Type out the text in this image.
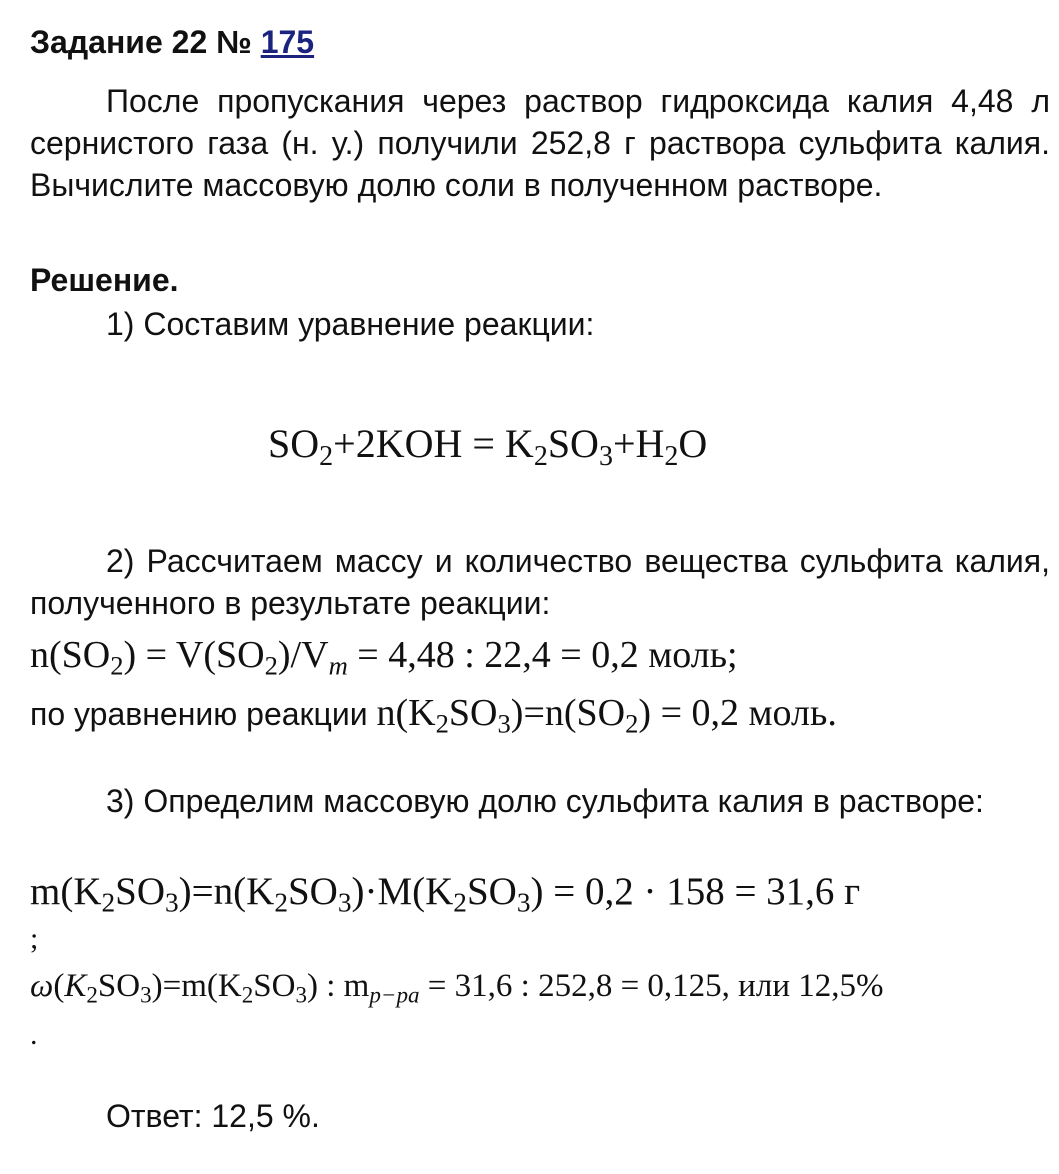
Задание 22 № 175
После пропускания через раствор гидроксида калия 4,48 л сернистого газа (н. у.) получили 252,8 г раствора сульфита калия. Вычислите массовую долю соли в полученном растворе.
Решение.
1) Составим уравнение реакции:
$SO_2+2KOH = K_2SO_3+H_2O$
2) Рассчитаем массу и количество вещества сульфита калия, полученного в результате реакции:
$n(SO_2) = V(SO_2)/V_m = 4,48$ : 22,4 = 0,2 моль;
по уравнению реакции $n(K_2SO_3)=n(SO_2) = 0,2$ моль.
3) Определим массовую долю сульфита калия в растворе:
$m(K_2SO_3)=n(K_2SO_3)\cdot M(K_2SO_3) = 0,2 \cdot 158 = 31,6$ г
;
$\omega(K_2SO_3)=m(K_2SO_3)$ : $m_{p-pa} = 31,6$ : 252,8 = 0,125, или 12,5%
.
Ответ: 12,5 %.
